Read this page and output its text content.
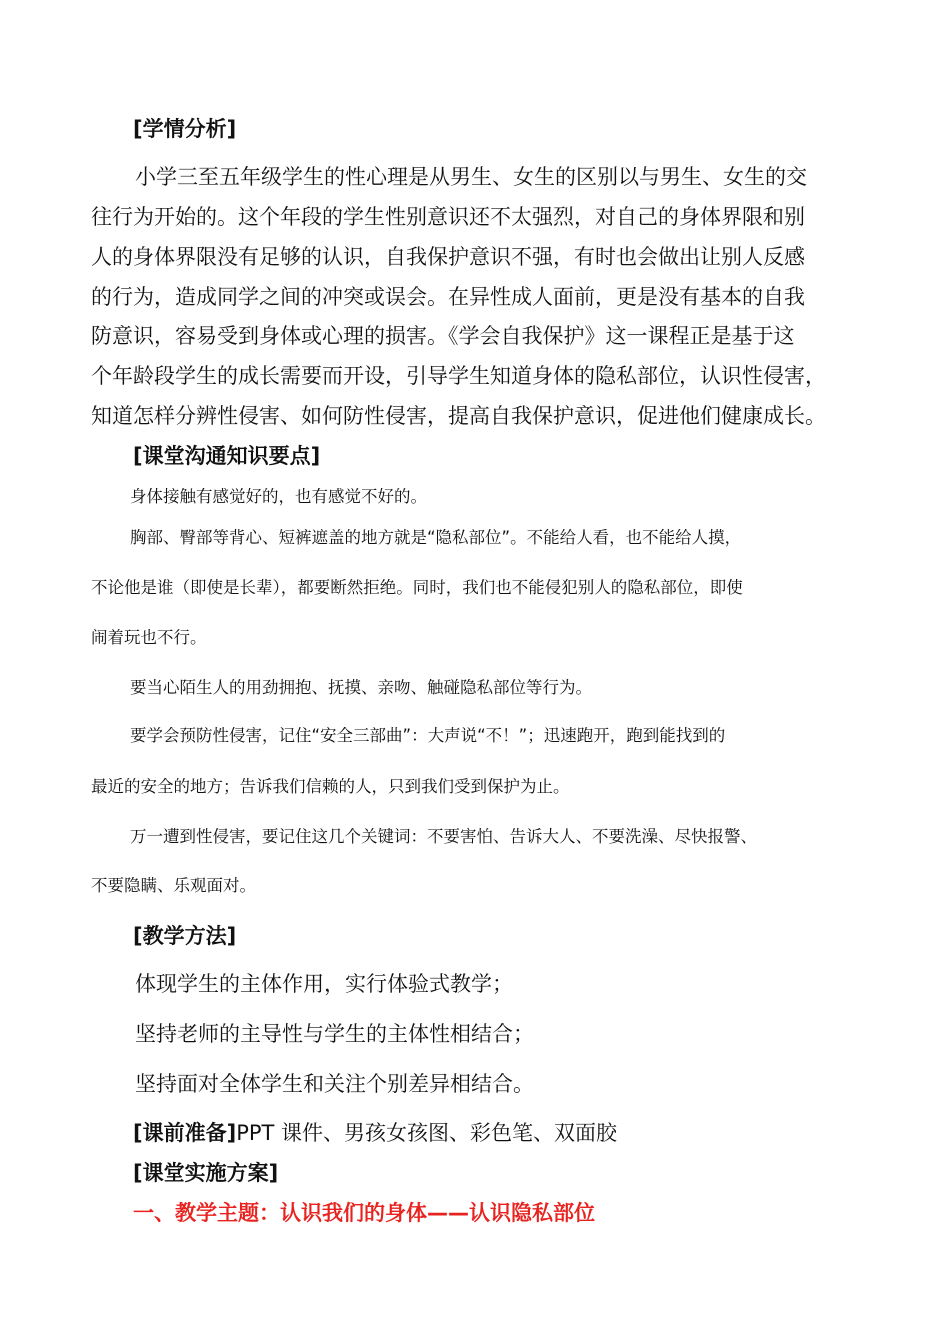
[学情分析]
小学三至五年级学生的性心理是从男生、女生的区别以与男生、女生的交
往行为开始的。这个年段的学生性别意识还不太强烈，对自己的身体界限和别
人的身体界限没有足够的认识，自我保护意识不强，有时也会做出让别人反感
的行为，造成同学之间的冲突或误会。在异性成人面前，更是没有基本的自我
防意识，容易受到身体或心理的损害。《学会自我保护》这一课程正是基于这
个年龄段学生的成长需要而开设，引导学生知道身体的隐私部位，认识性侵害，
知道怎样分辨性侵害、如何防性侵害，提高自我保护意识，促进他们健康成长。
[课堂沟通知识要点]
身体接触有感觉好的，也有感觉不好的。
胸部、臀部等背心、短裤遮盖的地方就是“隐私部位”。不能给人看，也不能给人摸，
不论他是谁（即使是长辈），都要断然拒绝。同时，我们也不能侵犯别人的隐私部位，即使
闹着玩也不行。
要当心陌生人的用劲拥抱、抚摸、亲吻、触碰隐私部位等行为。
要学会预防性侵害，记住“安全三部曲”：大声说“不！”；迅速跑开，跑到能找到的
最近的安全的地方；告诉我们信赖的人，只到我们受到保护为止。
万一遭到性侵害，要记住这几个关键词：不要害怕、告诉大人、不要洗澡、尽快报警、
不要隐瞒、乐观面对。
[教学方法]
体现学生的主体作用，实行体验式教学；
坚持老师的主导性与学生的主体性相结合；
坚持面对全体学生和关注个别差异相结合。
[课前准备]PPT 课件、男孩女孩图、彩色笔、双面胶
[课堂实施方案]
一、教学主题：认识我们的身体——认识隐私部位
